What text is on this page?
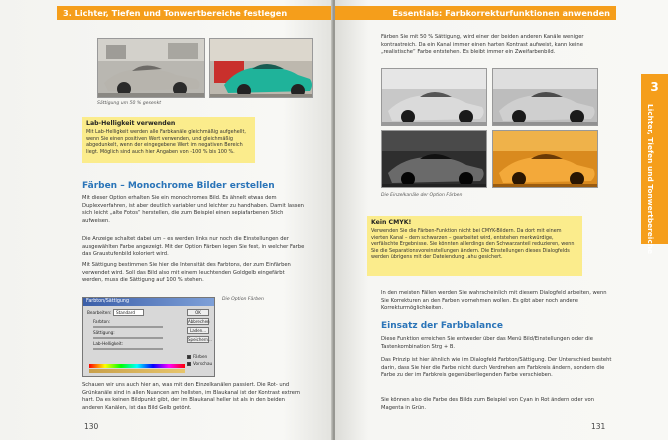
3. Lichter, Tiefen und Tonwertbereiche festlegen
Sättigung um 50 % gesenkt
Lab-Helligkeit verwenden
Mit Lab-Helligkeit werden alle Farbkanäle gleichmäßig aufgehellt, wenn Sie einen positiven Wert verwenden, und gleichmäßig abgedunkelt, wenn der eingegebene Wert im negativen Bereich liegt. Möglich sind auch hier Angaben von -100 % bis 100 %.
Färben – Monochrome Bilder erstellen
Mit dieser Option erhalten Sie ein monochromes Bild. Es ähnelt etwas dem Duplexverfahren, ist aber deutlich variabler und leichter zu handhaben. Damit lassen sich leicht „alte Fotos“ herstellen, die zum Beispiel einen sepiafarbenen Stich aufweisen.
Die Anzeige schaltet dabei um – es werden links nur noch die Einstellungen der ausgewählten Farbe angezeigt. Mit der Option Färben legen Sie fest, in welcher Farbe das Graustufenbild koloriert wird.
Mit Sättigung bestimmen Sie hier die Intensität des Farbtons, der zum Einfärben verwendet wird. Soll das Bild also mit einem leuchtenden Goldgelb eingefärbt werden, muss die Sättigung auf 100 % stehen.
Farbton/Sättigung
Bearbeiten:	Standard
Farbton:
Sättigung:
Lab-Helligkeit:
OK
Abbrechen
Laden...
Speichern...
Färben
Vorschau
Die Option Färben
Schauen wir uns auch hier an, was mit den Einzelkanälen passiert. Die Rot- und Grünkanäle sind in allen Nuancen am hellsten, im Blaukanal ist der Kontrast extrem hart. Da es keinen Bildpunkt gibt, der im Blaukanal heller ist als in den beiden anderen Kanälen, ist das Bild Gelb getönt.
130
Essentials: Farbkorrekturfunktionen anwenden
Färben Sie mit 50 % Sättigung, wird einer der beiden anderen Kanäle weniger kontrastreich. Da ein Kanal immer einen harten Kontrast aufweist, kann keine „realistische“ Farbe entstehen. Es bleibt immer ein Zweifarbenbild.
Die Einzelkanäle der Option Färben
Kein CMYK!
Verwenden Sie die Färben-Funktion nicht bei CMYK-Bildern. Da dort mit einem vierten Kanal – dem schwarzen – gearbeitet wird, entstehen merkwürdige, verfälschte Ergebnisse. Sie könnten allerdings den Schwarzanteil reduzieren, wenn Sie die Separationsvoreinstellungen ändern. Die Einstellungen dieses Dialogfelds werden übrigens mit der Dateiendung .ahu gesichert.
In den meisten Fällen werden Sie wahrscheinlich mit diesem Dialogfeld arbeiten, wenn Sie Korrekturen an den Farben vornehmen wollen. Es gibt aber noch andere Korrekturmöglichkeiten.
Einsatz der Farbbalance
Diese Funktion erreichen Sie entweder über das Menü Bild/Einstellungen oder die Tastenkombination Strg + B.
Das Prinzip ist hier ähnlich wie im Dialogfeld Farbton/Sättigung. Der Unterschied besteht darin, dass Sie hier die Farbe nicht durch Verdrehen am Farbkreis ändern, sondern die Farbe zu der im Farbkreis gegenüberliegenden Farbe verschieben.
Sie können also die Farbe des Bilds zum Beispiel von Cyan in Rot ändern oder von Magenta in Grün.
131
3
Lichter, Tiefen und Tonwertbereiche
